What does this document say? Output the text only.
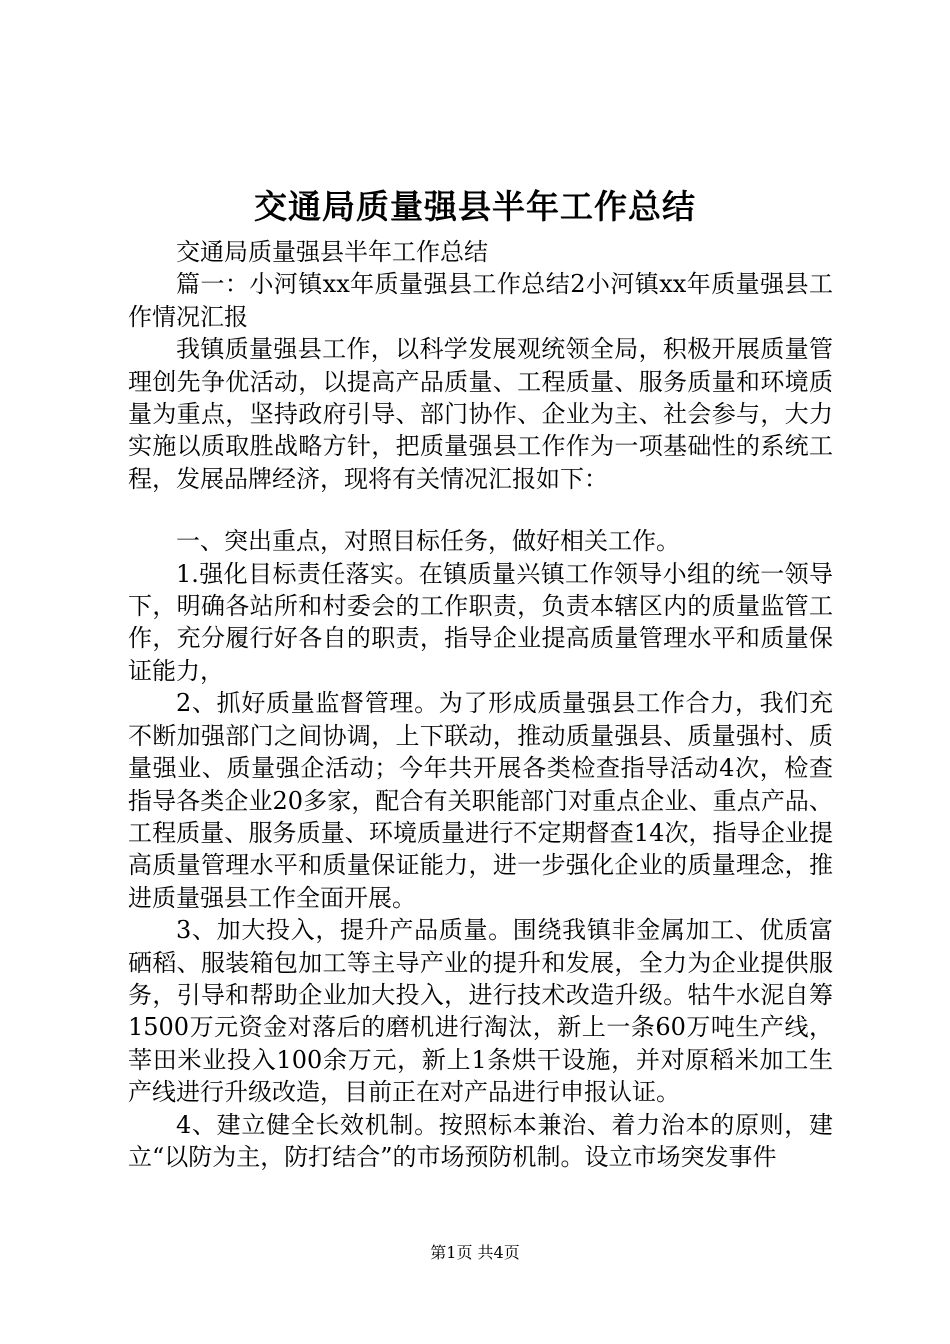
交通局质量强县半年工作总结

交通局质量强县半年工作总结

篇一：小河镇xx年质量强县工作总结2小河镇xx年质量强县工作情况汇报

我镇质量强县工作，以科学发展观统领全局，积极开展质量管理创先争优活动，以提高产品质量、工程质量、服务质量和环境质量为重点，坚持政府引导、部门协作、企业为主、社会参与，大力实施以质取胜战略方针，把质量强县工作作为一项基础性的系统工程，发展品牌经济，现将有关情况汇报如下：

一、突出重点，对照目标任务，做好相关工作。

1.强化目标责任落实。在镇质量兴镇工作领导小组的统一领导下，明确各站所和村委会的工作职责，负责本辖区内的质量监管工作，充分履行好各自的职责，指导企业提高质量管理水平和质量保证能力，

2、抓好质量监督管理。为了形成质量强县工作合力，我们充不断加强部门之间协调，上下联动，推动质量强县、质量强村、质量强业、质量强企活动；今年共开展各类检查指导活动4次，检查指导各类企业20多家，配合有关职能部门对重点企业、重点产品、工程质量、服务质量、环境质量进行不定期督查14次，指导企业提高质量管理水平和质量保证能力，进一步强化企业的质量理念，推进质量强县工作全面开展。

3、加大投入，提升产品质量。围绕我镇非金属加工、优质富硒稻、服装箱包加工等主导产业的提升和发展，全力为企业提供服务，引导和帮助企业加大投入，进行技术改造升级。牯牛水泥自筹1500万元资金对落后的磨机进行淘汰，新上一条60万吨生产线，莘田米业投入100余万元，新上1条烘干设施，并对原稻米加工生产线进行升级改造，目前正在对产品进行申报认证。

4、建立健全长效机制。按照标本兼治、着力治本的原则，建立“以防为主，防打结合”的市场预防机制。设立市场突发事件

第1页 共4页
